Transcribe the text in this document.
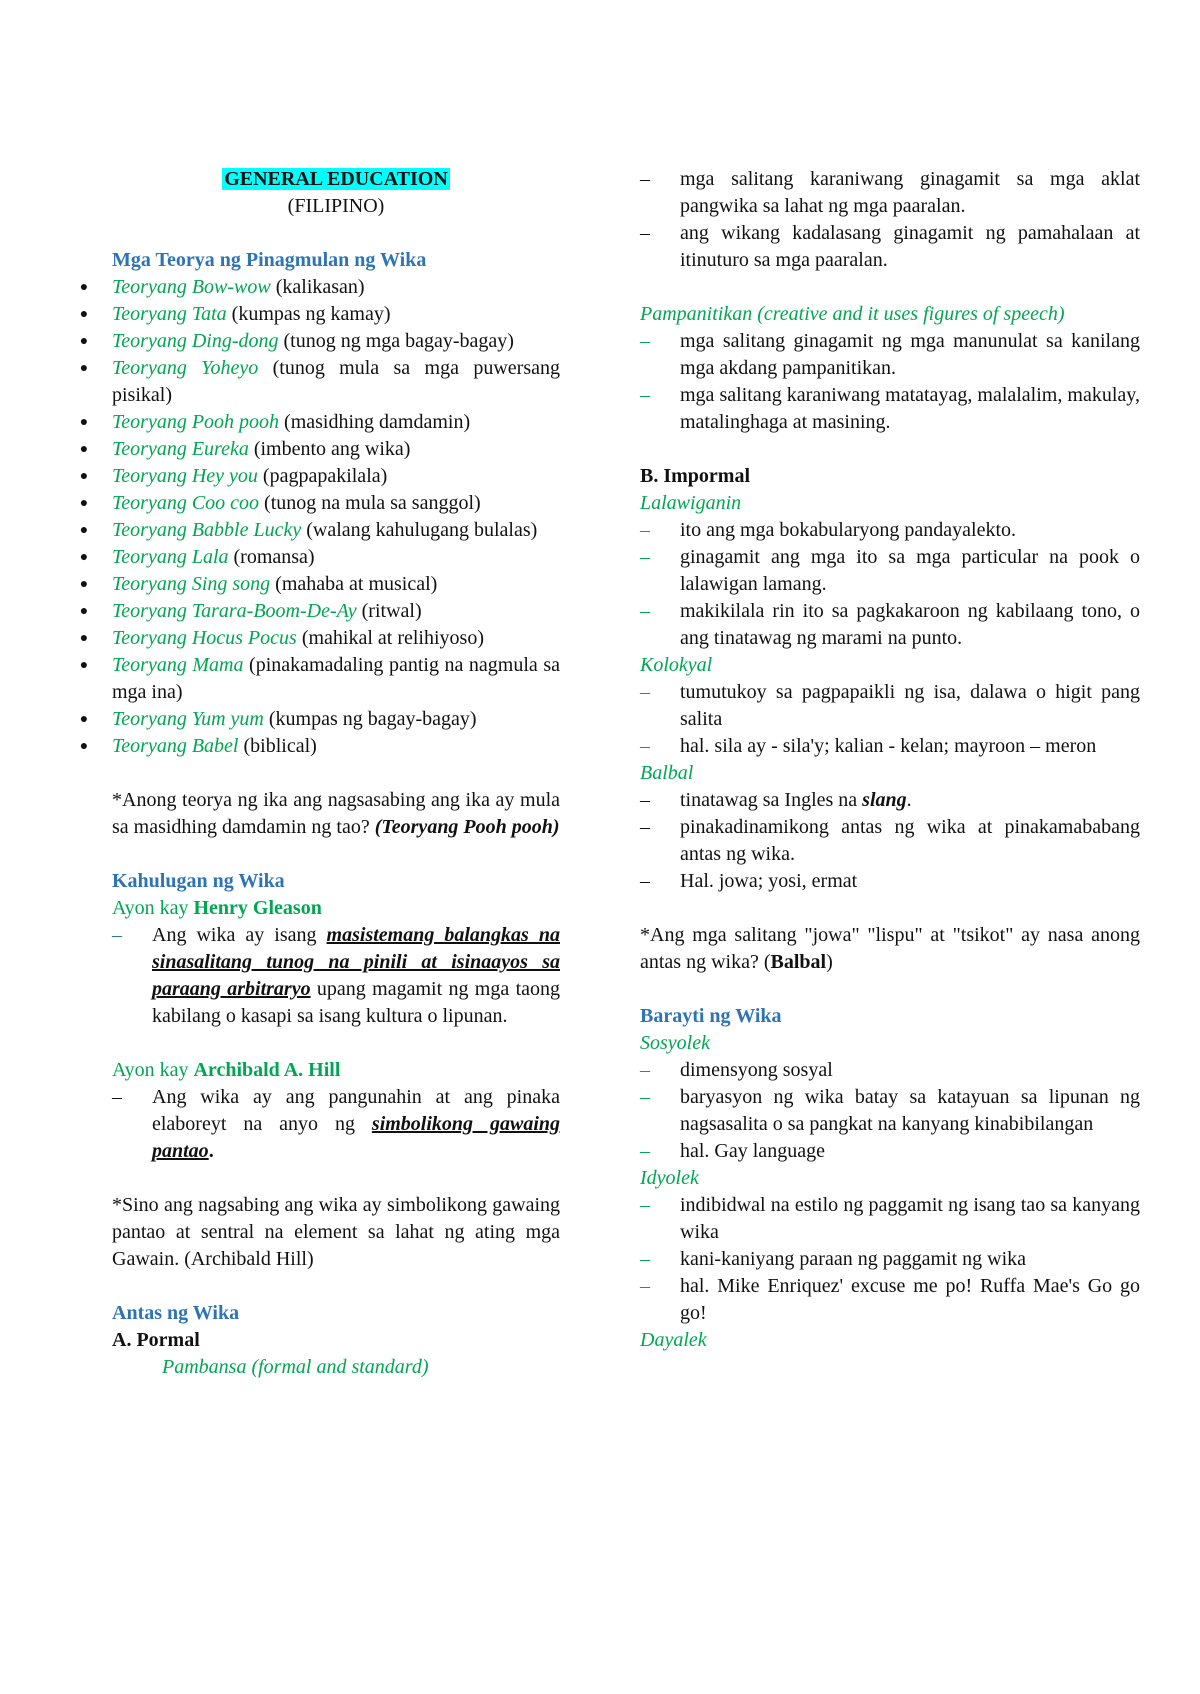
GENERAL EDUCATION

(FILIPINO)

Mga Teorya ng Pinagmulan ng Wika

● Teoryang Bow-wow (kalikasan)
● Teoryang Tata (kumpas ng kamay)
● Teoryang Ding-dong (tunog ng mga bagay-bagay)
● Teoryang Yoheyo (tunog mula sa mga puwersang pisikal)
● Teoryang Pooh pooh (masidhing damdamin)
● Teoryang Eureka (imbento ang wika)
● Teoryang Hey you (pagpapakilala)
● Teoryang Coo coo (tunog na mula sa sanggol)
● Teoryang Babble Lucky (walang kahulugang bulalas)
● Teoryang Lala (romansa)
● Teoryang Sing song (mahaba at musical)
● Teoryang Tarara-Boom-De-Ay (ritwal)
● Teoryang Hocus Pocus (mahikal at relihiyoso)
● Teoryang Mama (pinakamadaling pantig na nagmula sa mga ina)
● Teoryang Yum yum (kumpas ng bagay-bagay)
● Teoryang Babel (biblical)

*Anong teorya ng ika ang nagsasabing ang ika ay mula sa masidhing damdamin ng tao? (Teoryang Pooh pooh)

Kahulugan ng Wika

Ayon kay Henry Gleason

– Ang wika ay isang masistemang balangkas na sinasalitang tunog na pinili at isinaayos sa paraang arbitraryo upang magamit ng mga taong kabilang o kasapi sa isang kultura o lipunan.

Ayon kay Archibald A. Hill

– Ang wika ay ang pangunahin at ang pinaka elaboreyt na anyo ng simbolikong gawaing pantao.

*Sino ang nagsabing ang wika ay simbolikong gawaing pantao at sentral na element sa lahat ng ating mga Gawain. (Archibald Hill)

Antas ng Wika

A. Pormal

Pambansa (formal and standard)

– mga salitang karaniwang ginagamit sa mga aklat pangwika sa lahat ng mga paaralan.
– ang wikang kadalasang ginagamit ng pamahalaan at itinuturo sa mga paaralan.

Pampanitikan (creative and it uses figures of speech)

– mga salitang ginagamit ng mga manunulat sa kanilang mga akdang pampanitikan.
– mga salitang karaniwang matatayag, malalalim, makulay, matalinghaga at masining.

B. Impormal

Lalawiganin

– ito ang mga bokabularyong pandayalekto.
– ginagamit ang mga ito sa mga particular na pook o lalawigan lamang.
– makikilala rin ito sa pagkakaroon ng kabilaang tono, o ang tinatawag ng marami na punto.

Kolokyal

– tumutukoy sa pagpapaikli ng isa, dalawa o higit pang salita
– hal. sila ay - sila'y; kalian - kelan; mayroon – meron

Balbal

– tinatawag sa Ingles na slang.
– pinakadinamikong antas ng wika at pinakamababang antas ng wika.
– Hal. jowa; yosi, ermat

*Ang mga salitang "jowa" "lispu" at "tsikot" ay nasa anong antas ng wika? (Balbal)

Barayti ng Wika

Sosyolek

– dimensyong sosyal
– baryasyon ng wika batay sa katayuan sa lipunan ng nagsasalita o sa pangkat na kanyang kinabibilangan
– hal. Gay language

Idyolek

– indibidwal na estilo ng paggamit ng isang tao sa kanyang wika
– kani-kaniyang paraan ng paggamit ng wika
– hal. Mike Enriquez' excuse me po! Ruffa Mae's Go go go!

Dayalek
